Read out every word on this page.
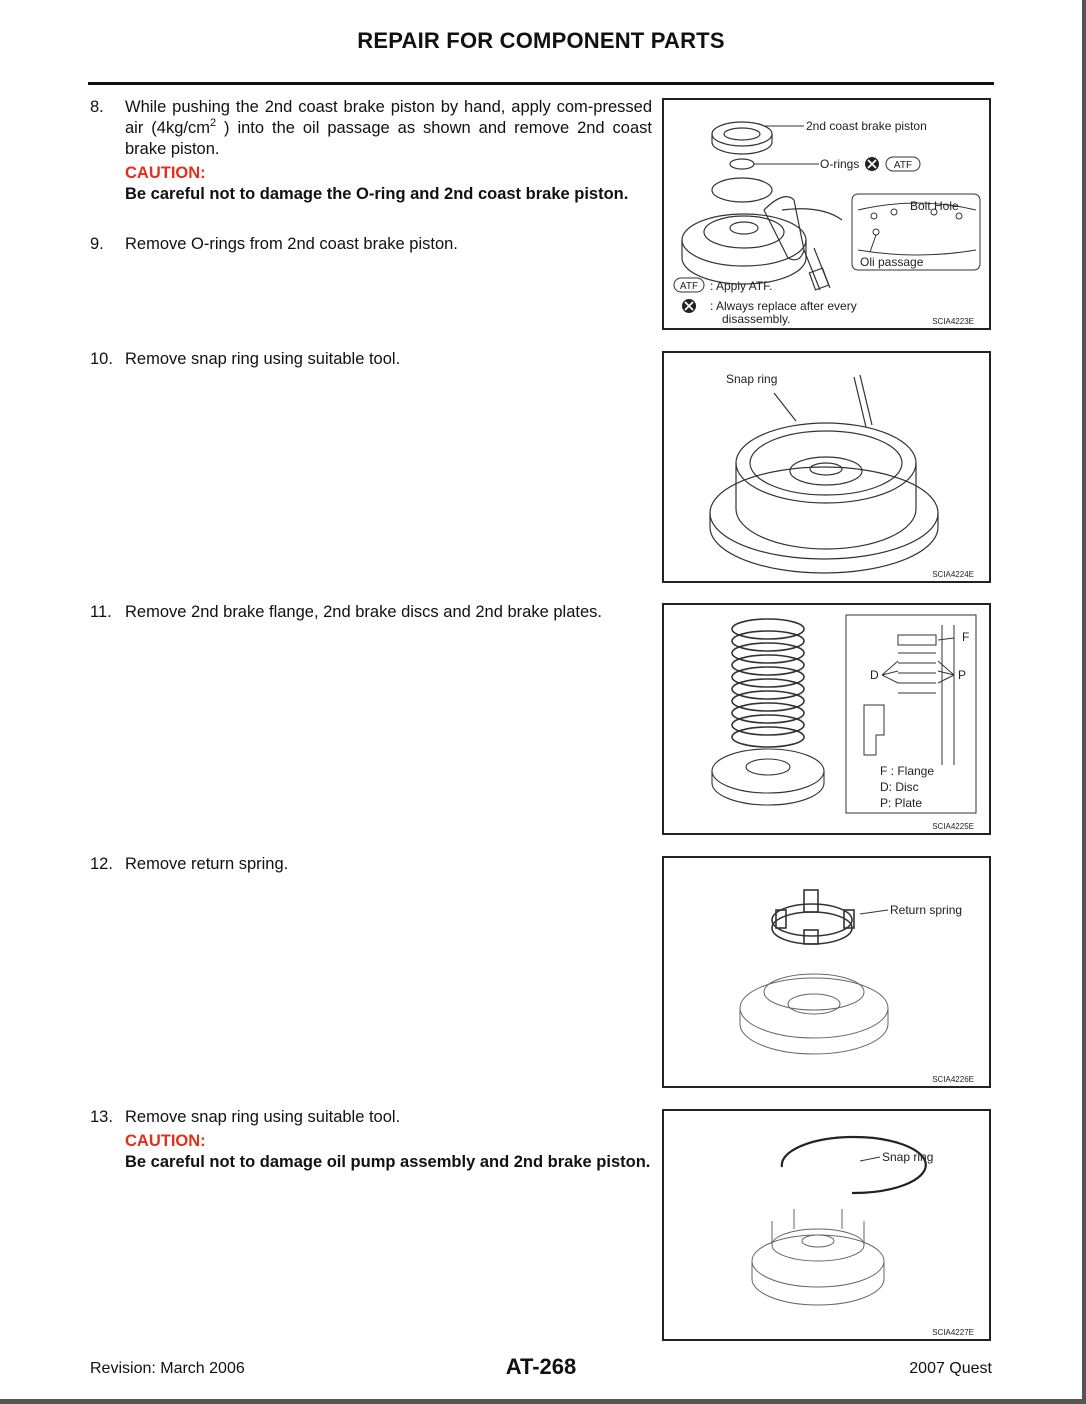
REPAIR FOR COMPONENT PARTS
8. While pushing the 2nd coast brake piston by hand, apply com-pressed air ($4kg/cm^2$ ) into the oil passage as shown and remove 2nd coast brake piston.
CAUTION:
Be careful not to damage the O-ring and 2nd coast brake piston.
9. Remove O-rings from 2nd coast brake piston.
10. Remove snap ring using suitable tool.
11. Remove 2nd brake flange, 2nd brake discs and 2nd brake plates.
12. Remove return spring.
13. Remove snap ring using suitable tool.
CAUTION:
Be careful not to damage oil pump assembly and 2nd brake piston.
2nd coast brake piston
O-rings	ATF
Bolt Hole
Oli passage
ATF : Apply ATF.
: Always replace after every
disassembly.	SCIA4223E
Snap ring
SCIA4224E
F
D	P
F : Flange
D: Disc
P: Plate
SCIA4225E
Return spring
SCIA4226E
Snap ring
SCIA4227E
Revision: March 2006	AT-268	2007 Quest
